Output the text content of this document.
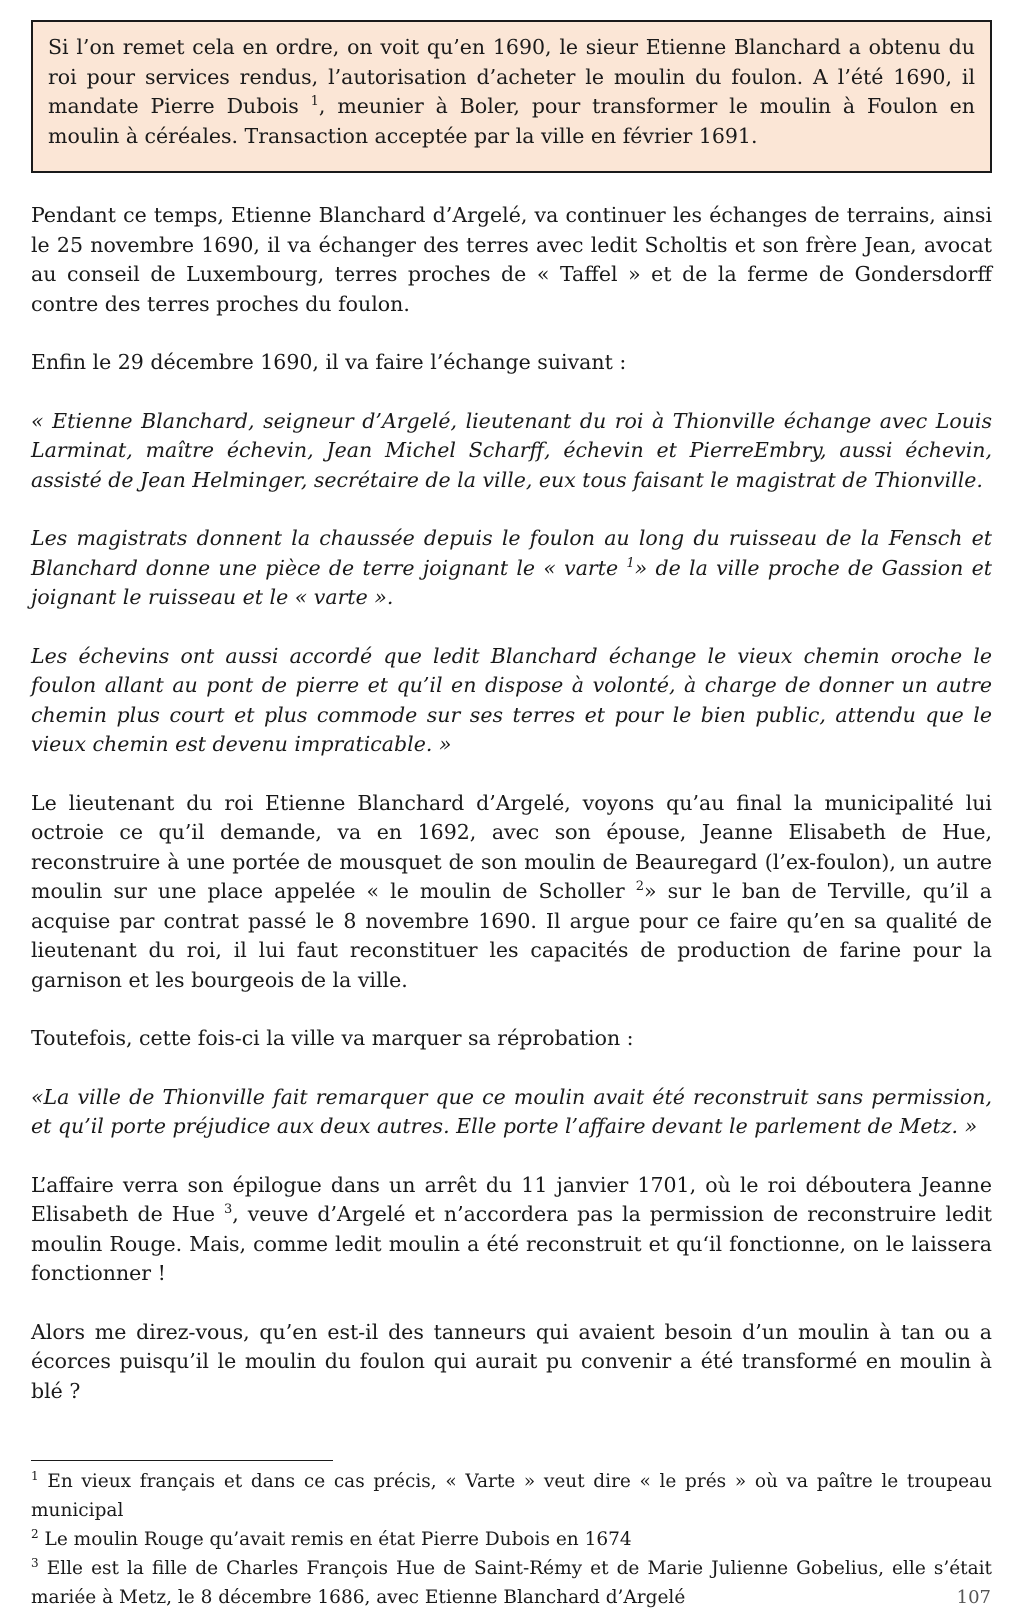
Si l’on remet cela en ordre, on voit qu’en 1690, le sieur Etienne Blanchard a obtenu du roi pour services rendus, l’autorisation d’acheter le moulin du foulon. A l’été 1690, il mandate Pierre Dubois $^1$, meunier à Boler, pour transformer le moulin à Foulon en moulin à céréales. Transaction acceptée par la ville en février 1691.

Pendant ce temps, Etienne Blanchard d’Argelé, va continuer les échanges de terrains, ainsi le 25 novembre 1690, il va échanger des terres avec ledit Scholtis et son frère Jean, avocat au conseil de Luxembourg, terres proches de « Taffel » et de la ferme de Gondersdorff contre des terres proches du foulon.

Enfin le 29 décembre 1690, il va faire l’échange suivant :

« Etienne Blanchard, seigneur d’Argelé, lieutenant du roi à Thionville échange avec Louis Larminat, maître échevin, Jean Michel Scharff, échevin et PierreEmbry, aussi échevin, assisté de Jean Helminger, secrétaire de la ville, eux tous faisant le magistrat de Thionville.

Les magistrats donnent la chaussée depuis le foulon au long du ruisseau de la Fensch et Blanchard donne une pièce de terre joignant le « varte $^1$» de la ville proche de Gassion et joignant le ruisseau et le « varte ».

Les échevins ont aussi accordé que ledit Blanchard échange le vieux chemin oroche le foulon allant au pont de pierre et qu’il en dispose à volonté, à charge de donner un autre chemin plus court et plus commode sur ses terres et pour le bien public, attendu que le vieux chemin est devenu impraticable. »

Le lieutenant du roi Etienne Blanchard d’Argelé, voyons qu’au final la municipalité lui octroie ce qu’il demande, va en 1692, avec son épouse, Jeanne Elisabeth de Hue, reconstruire à une portée de mousquet de son moulin de Beauregard (l’ex-foulon), un autre moulin sur une place appelée « le moulin de Scholler $^2$» sur le ban de Terville, qu’il a acquise par contrat passé le 8 novembre 1690. Il argue pour ce faire qu’en sa qualité de lieutenant du roi, il lui faut reconstituer les capacités de production de farine pour la garnison et les bourgeois de la ville.

Toutefois, cette fois-ci la ville va marquer sa réprobation :

«La ville de Thionville fait remarquer que ce moulin avait été reconstruit sans permission, et qu’il porte préjudice aux deux autres. Elle porte l’affaire devant le parlement de Metz. »

L’affaire verra son épilogue dans un arrêt du 11 janvier 1701, où le roi déboutera Jeanne Elisabeth de Hue $^3$, veuve d’Argelé et n’accordera pas la permission de reconstruire ledit moulin Rouge. Mais, comme ledit moulin a été reconstruit et qu‘il fonctionne, on le laissera fonctionner !

Alors me direz-vous, qu’en est-il des tanneurs qui avaient besoin d’un moulin à tan ou a écorces puisqu’il le moulin du foulon qui aurait pu convenir a été transformé en moulin à blé ?

$^1$ En vieux français et dans ce cas précis, « Varte » veut dire « le prés » où va paître le troupeau municipal

$^2$ Le moulin Rouge qu’avait remis en état Pierre Dubois en 1674

$^3$ Elle est la fille de Charles François Hue de Saint-Rémy et de Marie Julienne Gobelius, elle s’était mariée à Metz, le 8 décembre 1686, avec Etienne Blanchard d’Argelé	107
